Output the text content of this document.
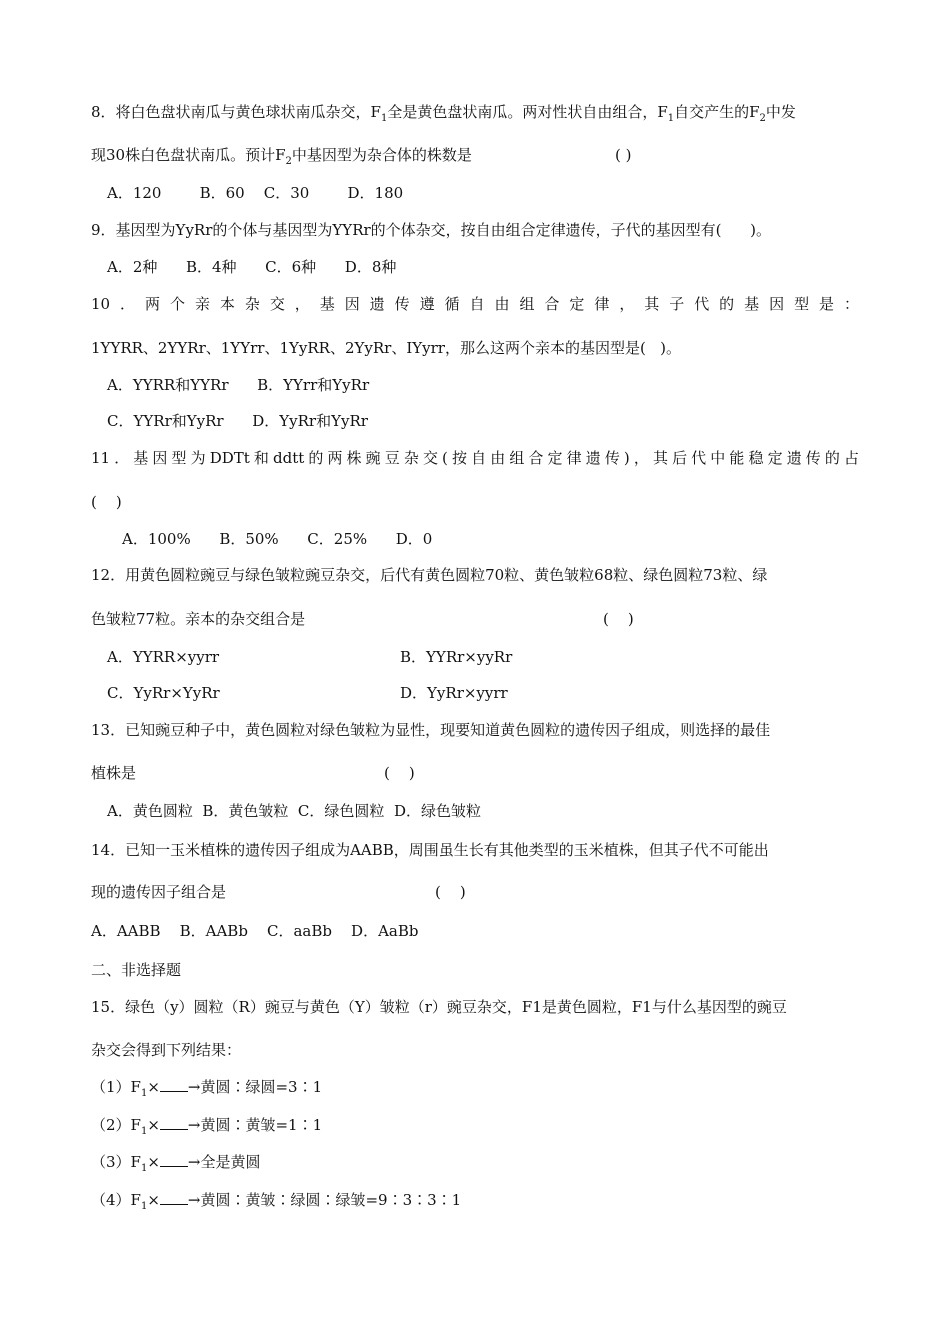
8．将白色盘状南瓜与黄色球状南瓜杂交，$F_1$全是黄色盘状南瓜。两对性状自由组合，$F_1$自交产生的$F_2$中发
现30株白色盘状南瓜。预计$F_2$中基因型为杂合体的株数是	( )
A．120        B．60    C．30        D．180
9．基因型为YyRr的个体与基因型为YYRr的个体杂交，按自由组合定律遗传，子代的基因型有(      )。
A．2种      B．4种      C．6种      D．8种
10．两个亲本杂交，基因遗传遵循自由组合定律，其子代的基因型是：
1YYRR、2YYRr、1YYrr、1YyRR、2YyRr、IYyrr，那么这两个亲本的基因型是(   )。
A．YYRR和YYRr      B．YYrr和YyRr
C．YYRr和YyRr      D．YyRr和YyRr
11．基因型为DDTt和ddtt的两株豌豆杂交(按自由组合定律遗传)，其后代中能稳定遗传的占
(    )
A．100%      B．50%      C．25%      D．0
12．用黄色圆粒豌豆与绿色皱粒豌豆杂交，后代有黄色圆粒70粒、黄色皱粒68粒、绿色圆粒73粒、绿
色皱粒77粒。亲本的杂交组合是	(    )
A．YYRR×yyrr	B．YYRr×yyRr
C．YyRr×YyRr	D．YyRr×yyrr
13．已知豌豆种子中，黄色圆粒对绿色皱粒为显性，现要知道黄色圆粒的遗传因子组成，则选择的最佳
植株是	(    )
A．黄色圆粒  B．黄色皱粒  C．绿色圆粒  D．绿色皱粒
14．已知一玉米植株的遗传因子组成为AABB，周围虽生长有其他类型的玉米植株，但其子代不可能出
现的遗传因子组合是	(    )
A．AABB    B．AABb    C．aaBb    D．AaBb
二、非选择题
15．绿色（y）圆粒（R）豌豆与黄色（Y）皱粒（r）豌豆杂交，F1是黄色圆粒，F1与什么基因型的豌豆
杂交会得到下列结果：
$(1)F_1\times$ →黄圆∶绿圆=3∶1
$(2)F_1\times$ →黄圆∶黄皱=1∶1
$(3)F_1\times$ →全是黄圆
$(4)F_1\times$ →黄圆∶黄皱∶绿圆∶绿皱=9∶3∶3∶1
